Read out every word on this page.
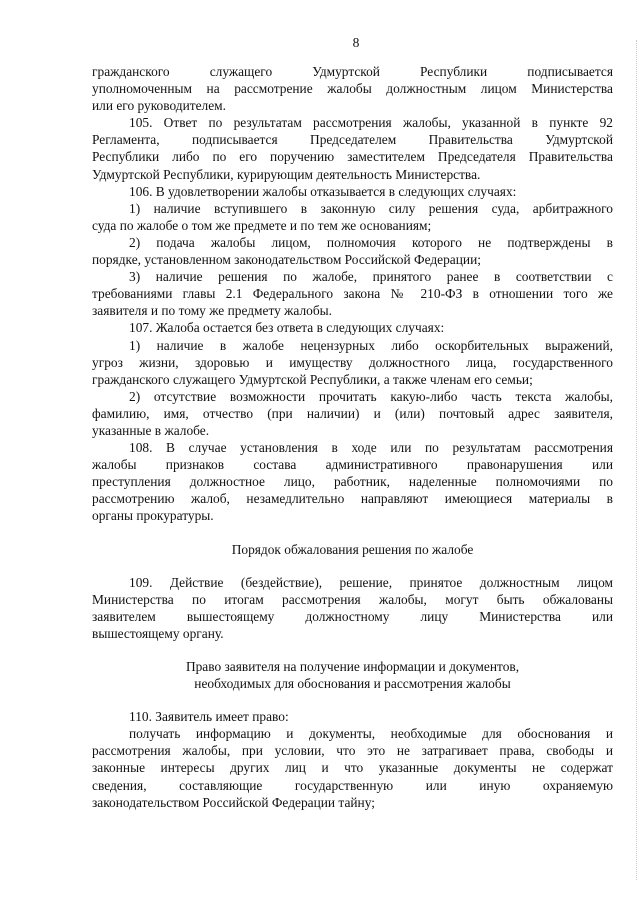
8

гражданского служащего Удмуртской Республики подписывается

уполномоченным на рассмотрение жалобы должностным лицом Министерства

или его руководителем.

105. Ответ по результатам рассмотрения жалобы, указанной в пункте 92

Регламента, подписывается Председателем Правительства Удмуртской

Республики либо по его поручению заместителем Председателя Правительства

Удмуртской Республики, курирующим деятельность Министерства.

106. В удовлетворении жалобы отказывается в следующих случаях:

1) наличие вступившего в законную силу решения суда, арбитражного

суда по жалобе о том же предмете и по тем же основаниям;

2) подача жалобы лицом, полномочия которого не подтверждены в

порядке, установленном законодательством Российской Федерации;

3) наличие решения по жалобе, принятого ранее в соответствии с

требованиями главы 2.1 Федерального закона № 210-ФЗ в отношении того же

заявителя и по тому же предмету жалобы.

107. Жалоба остается без ответа в следующих случаях:

1) наличие в жалобе нецензурных либо оскорбительных выражений,

угроз жизни, здоровью и имуществу должностного лица, государственного

гражданского служащего Удмуртской Республики, а также членам его семьи;

2) отсутствие возможности прочитать какую-либо часть текста жалобы,

фамилию, имя, отчество (при наличии) и (или) почтовый адрес заявителя,

указанные в жалобе.

108. В случае установления в ходе или по результатам рассмотрения

жалобы признаков состава административного правонарушения или

преступления должностное лицо, работник, наделенные полномочиями по

рассмотрению жалоб, незамедлительно направляют имеющиеся материалы в

органы прокуратуры.

Порядок обжалования решения по жалобе

109. Действие (бездействие), решение, принятое должностным лицом

Министерства по итогам рассмотрения жалобы, могут быть обжалованы

заявителем вышестоящему должностному лицу Министерства или

вышестоящему органу.

Право заявителя на получение информации и документов,

необходимых для обоснования и рассмотрения жалобы

110. Заявитель имеет право:

получать информацию и документы, необходимые для обоснования и

рассмотрения жалобы, при условии, что это не затрагивает права, свободы и

законные интересы других лиц и что указанные документы не содержат

сведения, составляющие государственную или иную охраняемую

законодательством Российской Федерации тайну;
